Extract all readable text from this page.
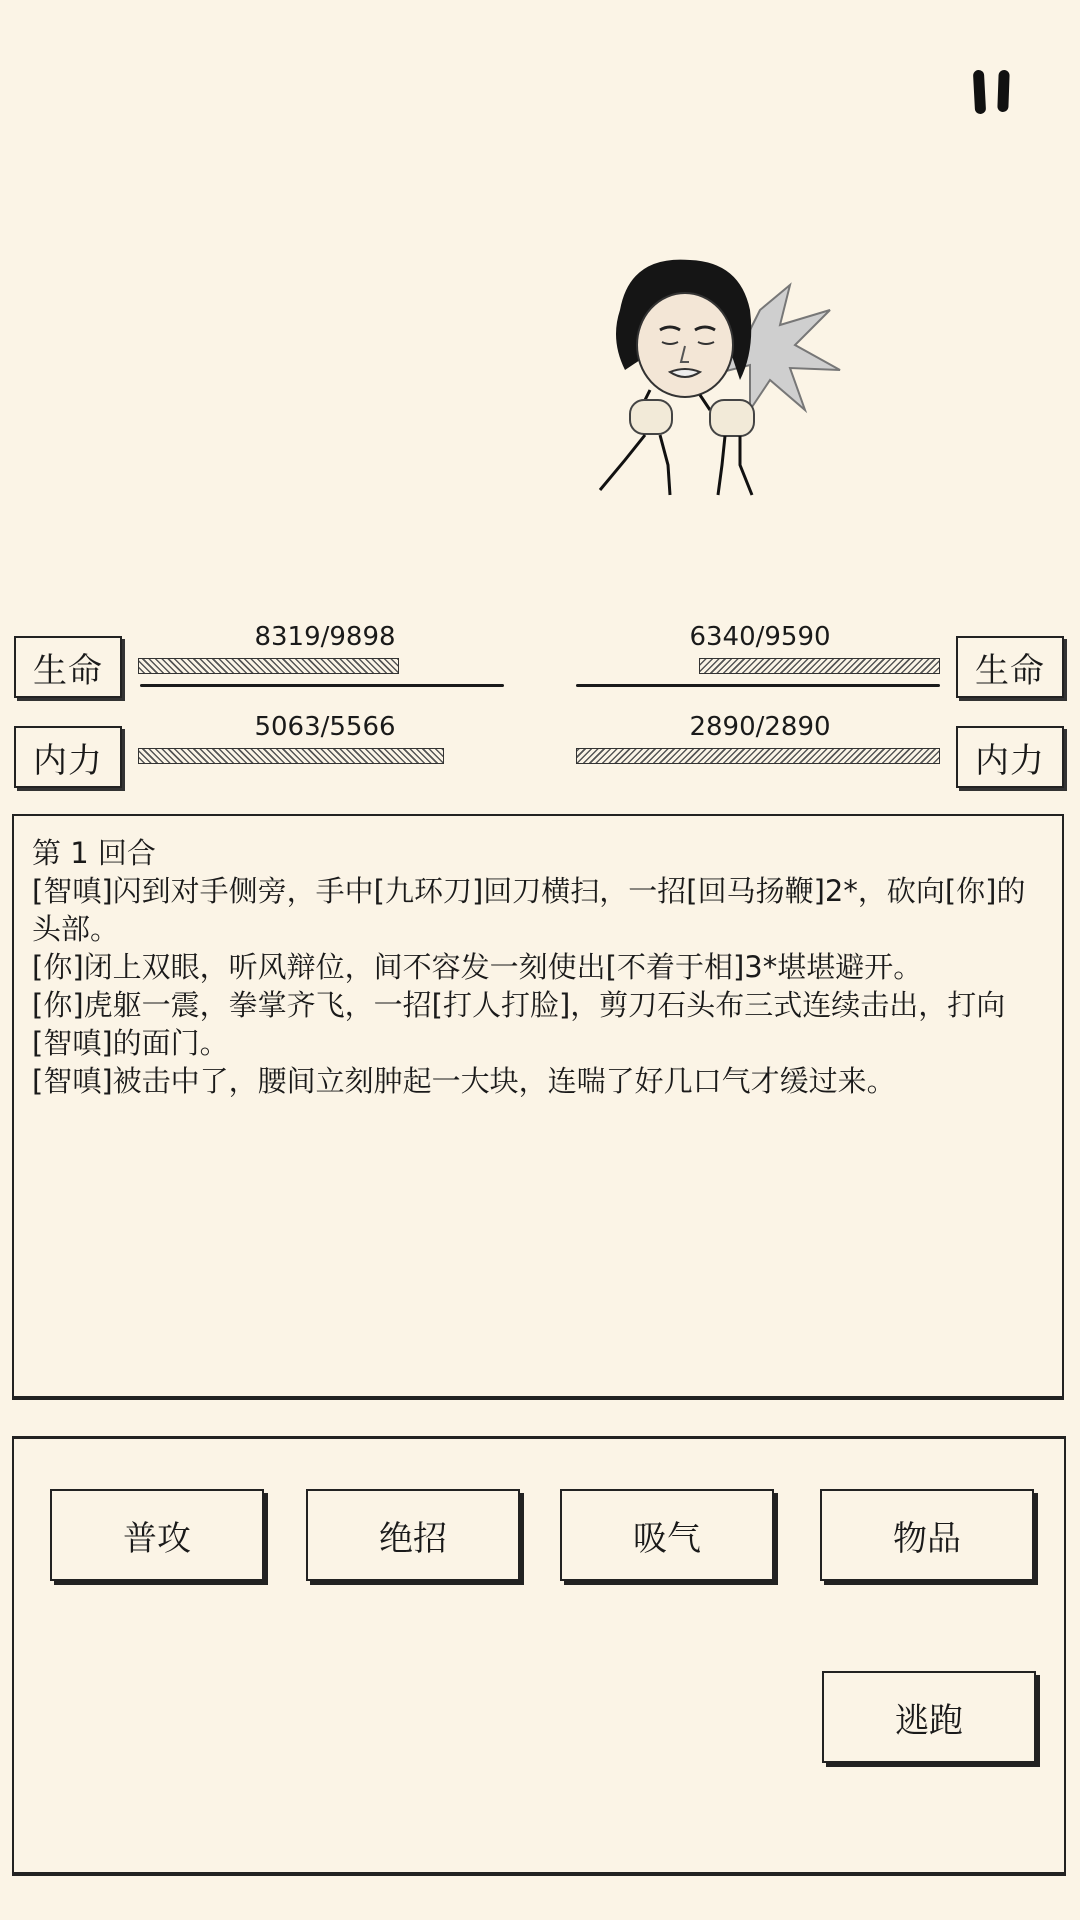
生命
8319/9898
内力
5063/5566
生命
6340/9590
内力
2890/2890
第 1 回合
[智嗔]闪到对手侧旁，手中[九环刀]回刀横扫，一招[回马扬鞭]2*，砍向[你]的头部。
[你]闭上双眼，听风辩位，间不容发一刻使出[不着于相]3*堪堪避开。
[你]虎躯一震，拳掌齐飞，一招[打人打脸]，剪刀石头布三式连续击出，打向[智嗔]的面门。
[智嗔]被击中了，腰间立刻肿起一大块，连喘了好几口气才缓过来。
普攻	绝招	吸气	物品
逃跑
